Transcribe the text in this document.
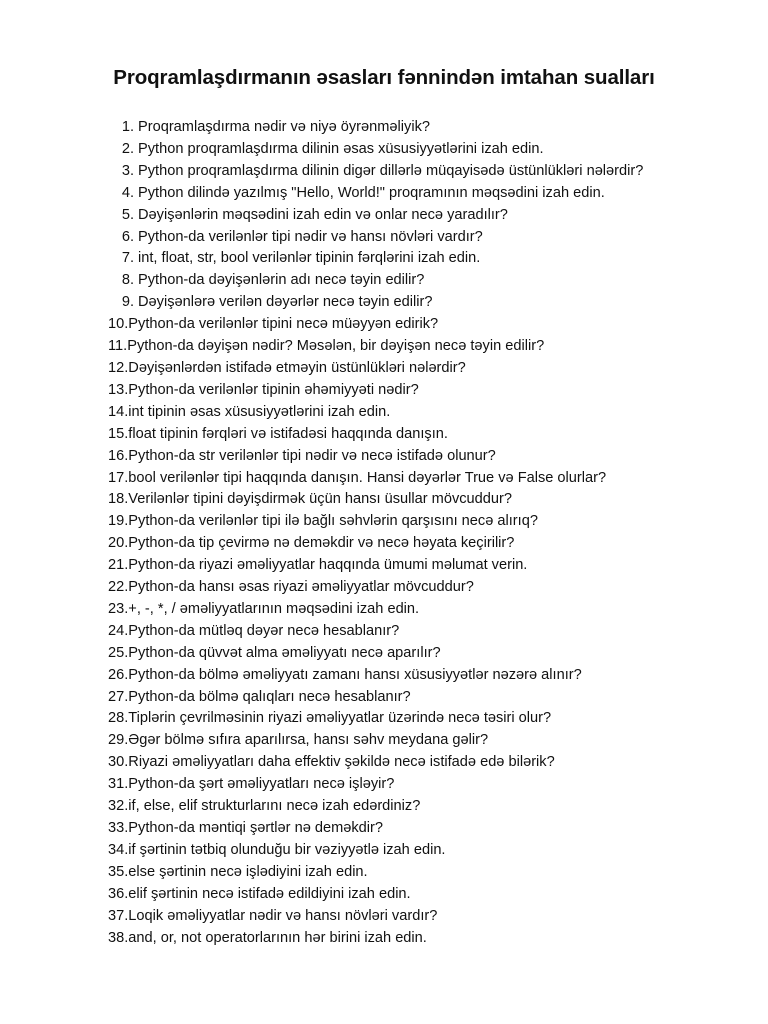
Proqramlaşdırmanın əsasları fənnindən imtahan sualları
1. Proqramlaşdırma nədir və niyə öyrənməliyik?
2. Python proqramlaşdırma dilinin əsas xüsusiyyətlərini izah edin.
3. Python proqramlaşdırma dilinin digər dillərlə müqayisədə üstünlükləri nələrdir?
4. Python dilində yazılmış "Hello, World!" proqramının məqsədini izah edin.
5. Dəyişənlərin məqsədini izah edin və onlar necə yaradılır?
6. Python-da verilənlər tipi nədir və hansı növləri vardır?
7. int, float, str, bool verilənlər tipinin fərqlərini izah edin.
8. Python-da dəyişənlərin adı necə təyin edilir?
9. Dəyişənlərə verilən dəyərlər necə təyin edilir?
10. Python-da verilənlər tipini necə müəyyən edirik?
11. Python-da dəyişən nədir? Məsələn, bir dəyişən necə təyin edilir?
12. Dəyişənlərdən istifadə etməyin üstünlükləri nələrdir?
13. Python-da verilənlər tipinin əhəmiyyəti nədir?
14. int tipinin əsas xüsusiyyətlərini izah edin.
15. float tipinin fərqləri və istifadəsi haqqında danışın.
16. Python-da str verilənlər tipi nədir və necə istifadə olunur?
17. bool verilənlər tipi haqqında danışın. Hansi dəyərlər True və False olurlar?
18. Verilənlər tipini dəyişdirmək üçün hansı üsullar mövcuddur?
19. Python-da verilənlər tipi ilə bağlı səhvlərin qarşısını necə alırıq?
20. Python-da tip çevirmə nə deməkdir və necə həyata keçirilir?
21. Python-da riyazi əməliyyatlar haqqında ümumi məlumat verin.
22. Python-da hansı əsas riyazi əməliyyatlar mövcuddur?
23. +, -, *, / əməliyyatlarının məqsədini izah edin.
24. Python-da mütləq dəyər necə hesablanır?
25. Python-da qüvvət alma əməliyyatı necə aparılır?
26. Python-da bölmə əməliyyatı zamanı hansı xüsusiyyətlər nəzərə alınır?
27. Python-da bölmə qalıqları necə hesablanır?
28. Tiplərin çevrilməsinin riyazi əməliyyatlar üzərində necə təsiri olur?
29. Əgər bölmə sıfıra aparılırsa, hansı səhv meydana gəlir?
30. Riyazi əməliyyatları daha effektiv şəkildə necə istifadə edə bilərik?
31. Python-da şərt əməliyyatları necə işləyir?
32. if, else, elif strukturlarını necə izah edərdiniz?
33. Python-da məntiqi şərtlər nə deməkdir?
34. if şərtinin tətbiq olunduğu bir vəziyyətlə izah edin.
35. else şərtinin necə işlədiyini izah edin.
36. elif şərtinin necə istifadə edildiyini izah edin.
37. Loqik əməliyyatlar nədir və hansı növləri vardır?
38. and, or, not operatorlarının hər birini izah edin.
